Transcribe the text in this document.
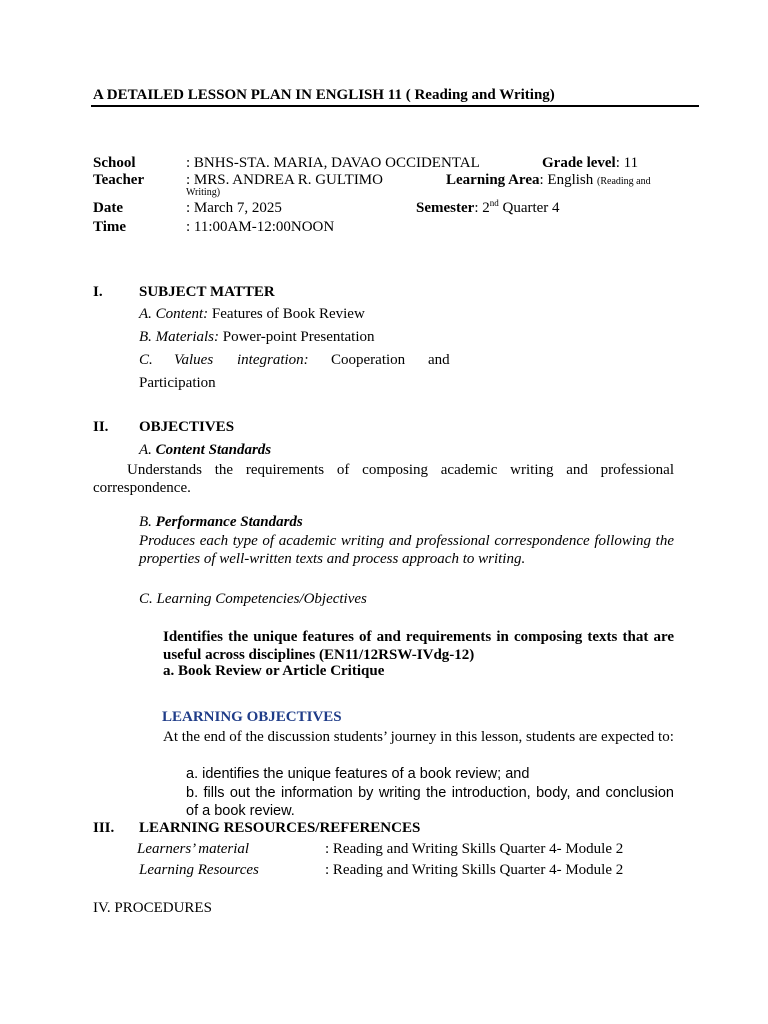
A DETAILED LESSON PLAN IN ENGLISH 11 ( Reading and Writing)
School	: BNHS-STA. MARIA, DAVAO OCCIDENTAL	Grade level: 11
Teacher	: MRS. ANDREA R. GULTIMO	Learning Area: English (Reading and
Writing)
Date	: March 7, 2025	Semester: 2nd Quarter 4
Time	: 11:00AM-12:00NOON
I. SUBJECT MATTER
A. Content: Features of Book Review
B. Materials: Power-point Presentation
C. Values integration: Cooperation and
Participation
II. OBJECTIVES
A. Content Standards
Understands the requirements of composing academic writing and professional correspondence.
B. Performance Standards
Produces each type of academic writing and professional correspondence following the properties of well-written texts and process approach to writing.
C. Learning Competencies/Objectives
Identifies the unique features of and requirements in composing texts that are useful across disciplines (EN11/12RSW-IVdg-12)
a. Book Review or Article Critique
LEARNING OBJECTIVES
At the end of the discussion students’ journey in this lesson, students are expected to:
a. identifies the unique features of a book review; and
b. fills out the information by writing the introduction, body, and conclusion of a book review.
III. LEARNING RESOURCES/REFERENCES
Learners’ material	: Reading and Writing Skills Quarter 4- Module 2
Learning Resources	: Reading and Writing Skills Quarter 4- Module 2
IV. PROCEDURES
